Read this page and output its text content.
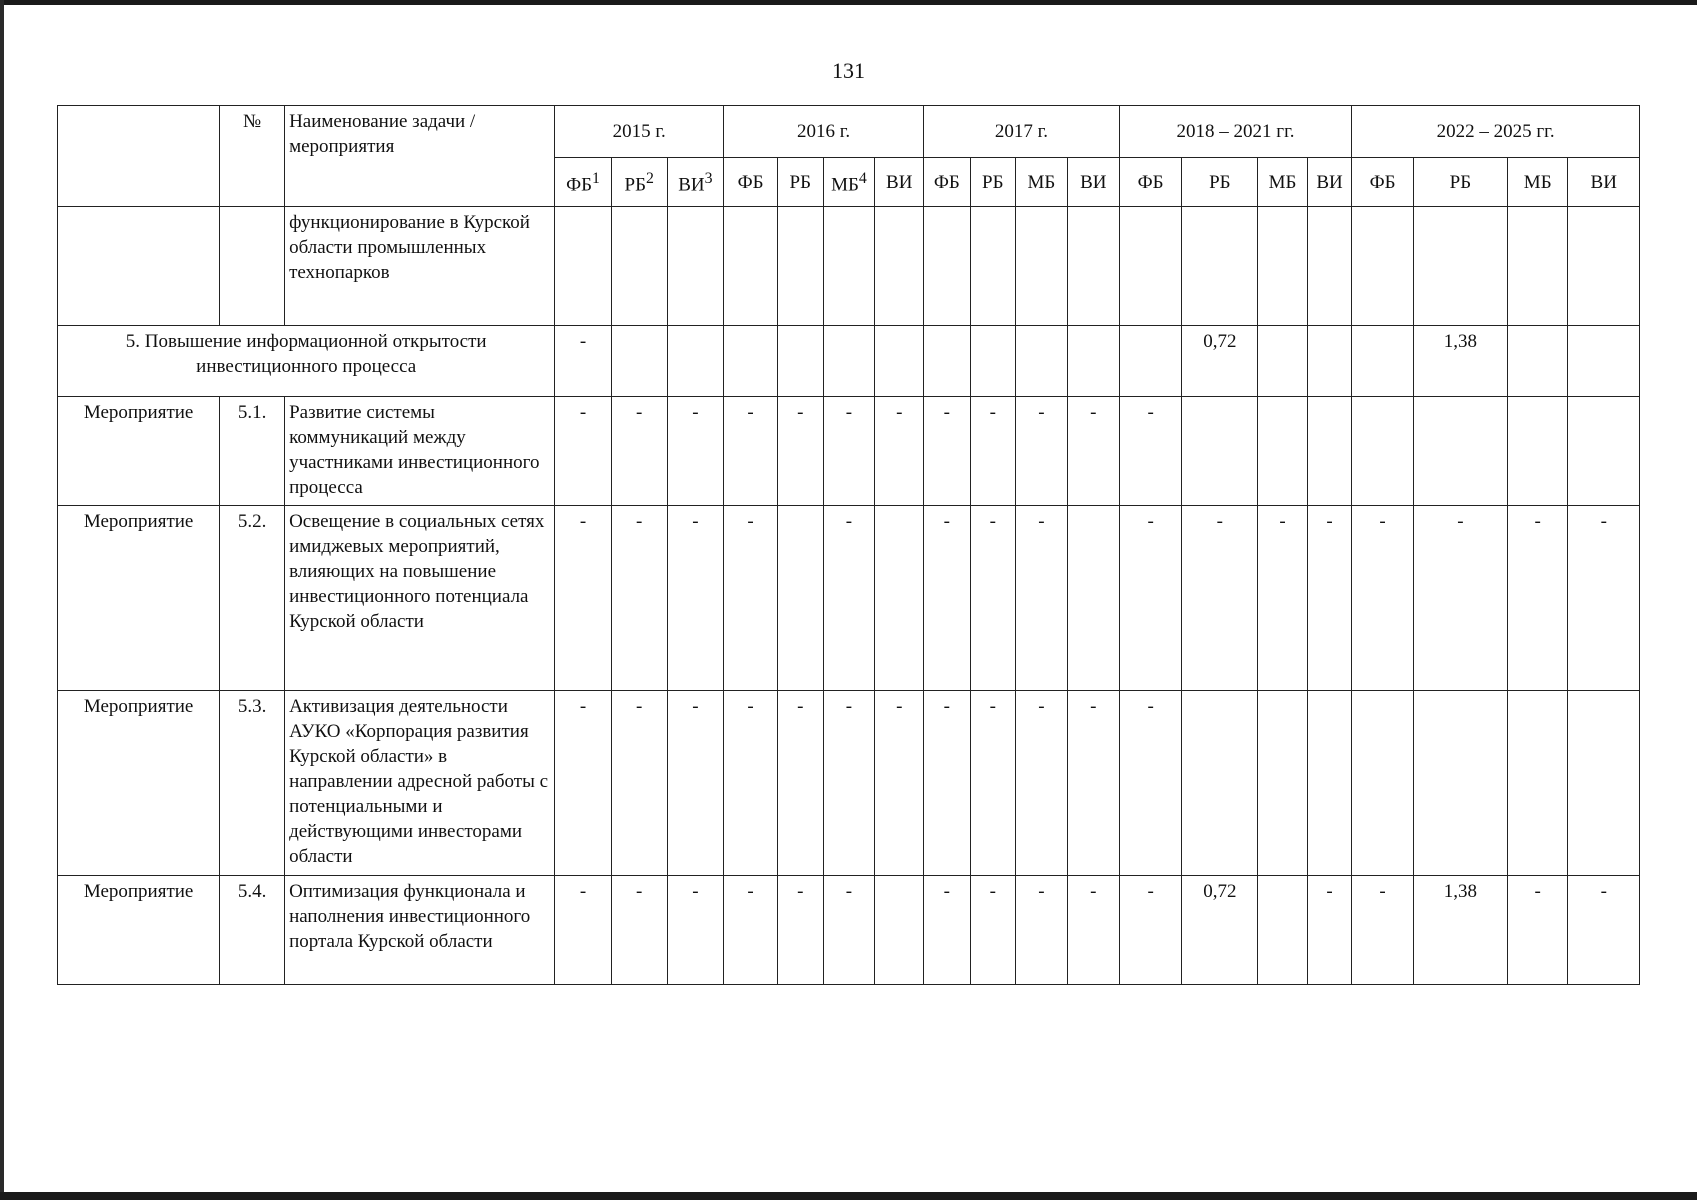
131
	№	Наименование задачи / мероприятия	2015 г.			2016 г.				2017 г.				2018 – 2021 гг.				2022 – 2025 гг.			
			$ФБ^1$	$РБ^2$	$ВИ^3$	ФБ	РБ	$МБ^4$	ВИ	ФБ	РБ	МБ	ВИ	ФБ	РБ	МБ	ВИ	ФБ	РБ	МБ	ВИ
		функционирование в Курской области промышленных технопарков																			
5. Повышение информационной открытости инвестиционного процесса			-												0,72				1,38		
Мероприятие	5.1.	Развитие системы коммуникаций между участниками инвестиционного процесса	-	-	-	-	-	-	-	-	-	-	-	-							
Мероприятие	5.2.	Освещение в социальных сетях имиджевых мероприятий, влияющих на повышение инвестиционного потенциала Курской области	-	-	-	-		-		-	-	-		-	-	-	-	-	-	-	-
Мероприятие	5.3.	Активизация деятельности АУКО «Корпорация развития Курской области» в направлении адресной работы с потенциальными и действующими инвесторами области	-	-	-	-	-	-	-	-	-	-	-	-							
Мероприятие	5.4.	Оптимизация функционала и наполнения инвестиционного портала Курской области	-	-	-	-	-	-		-	-	-	-	-	0,72		-	-	1,38	-	-
